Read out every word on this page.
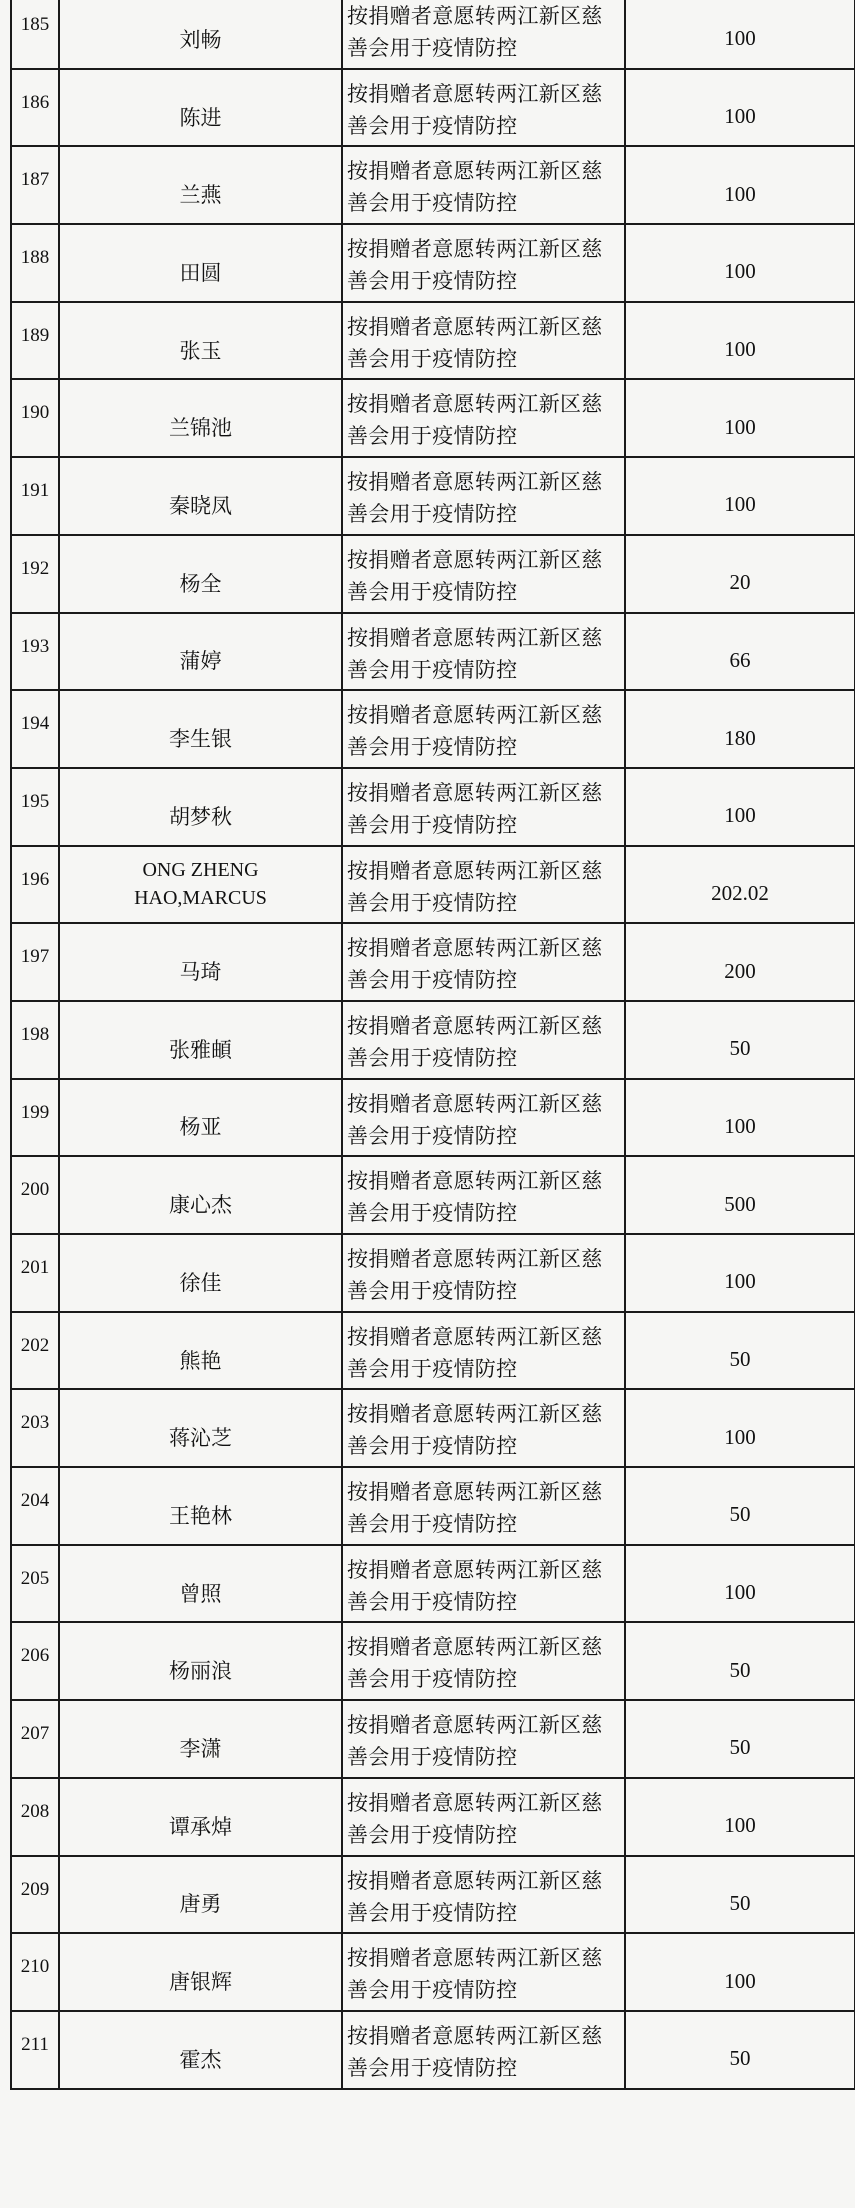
185	刘畅	按捐赠者意愿转两江新区慈
善会用于疫情防控	100
186	陈进	按捐赠者意愿转两江新区慈
善会用于疫情防控	100
187	兰燕	按捐赠者意愿转两江新区慈
善会用于疫情防控	100
188	田圆	按捐赠者意愿转两江新区慈
善会用于疫情防控	100
189	张玉	按捐赠者意愿转两江新区慈
善会用于疫情防控	100
190	兰锦池	按捐赠者意愿转两江新区慈
善会用于疫情防控	100
191	秦晓凤	按捐赠者意愿转两江新区慈
善会用于疫情防控	100
192	杨全	按捐赠者意愿转两江新区慈
善会用于疫情防控	20
193	蒲婷	按捐赠者意愿转两江新区慈
善会用于疫情防控	66
194	李生银	按捐赠者意愿转两江新区慈
善会用于疫情防控	180
195	胡梦秋	按捐赠者意愿转两江新区慈
善会用于疫情防控	100
196	ONG ZHENG
HAO,MARCUS	按捐赠者意愿转两江新区慈
善会用于疫情防控	202.02
197	马琦	按捐赠者意愿转两江新区慈
善会用于疫情防控	200
198	张雅頔	按捐赠者意愿转两江新区慈
善会用于疫情防控	50
199	杨亚	按捐赠者意愿转两江新区慈
善会用于疫情防控	100
200	康心杰	按捐赠者意愿转两江新区慈
善会用于疫情防控	500
201	徐佳	按捐赠者意愿转两江新区慈
善会用于疫情防控	100
202	熊艳	按捐赠者意愿转两江新区慈
善会用于疫情防控	50
203	蒋沁芝	按捐赠者意愿转两江新区慈
善会用于疫情防控	100
204	王艳林	按捐赠者意愿转两江新区慈
善会用于疫情防控	50
205	曾照	按捐赠者意愿转两江新区慈
善会用于疫情防控	100
206	杨丽浪	按捐赠者意愿转两江新区慈
善会用于疫情防控	50
207	李潇	按捐赠者意愿转两江新区慈
善会用于疫情防控	50
208	谭承焯	按捐赠者意愿转两江新区慈
善会用于疫情防控	100
209	唐勇	按捐赠者意愿转两江新区慈
善会用于疫情防控	50
210	唐银辉	按捐赠者意愿转两江新区慈
善会用于疫情防控	100
211	霍杰	按捐赠者意愿转两江新区慈
善会用于疫情防控	50
